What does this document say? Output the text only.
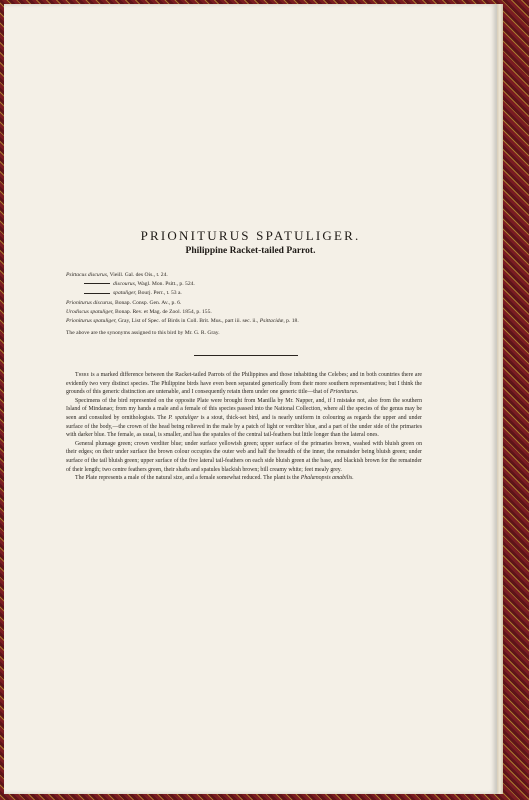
PRIONITURUS SPATULIGER.
Philippine Racket-tailed Parrot.
Psittacus discurus, Vieill. Gal. des Ois., t. 24.
discourus, Wagl. Mon. Psitt., p. 524.
spatuliger, Bourj. Perr., t. 53 a.
Prioniturus discurus, Bonap. Consp. Gen. Av., p. 6.
Urodiscus spatuliger, Bonap. Rev. et Mag. de Zool. 1854, p. 155.
Prioniturus spatuliger, Gray, List of Spec. of Birds in Coll. Brit. Mus., part iii. sec. ii., Psittacidæ, p. 18.
The above are the synonyms assigned to this bird by Mr. G. R. Gray.

There is a marked difference between the Racket-tailed Parrots of the Philippines and those inhabiting the Celebes; and in both countries there are evidently two very distinct species. The Philippine birds have even been separated generically from their more southern representatives; but I think the grounds of this generic distinction are untenable, and I consequently retain them under one generic title—that of Prioniturus.

Specimens of the bird represented on the opposite Plate were brought from Manilla by Mr. Napper, and, if I mistake not, also from the southern Island of Mindanao; from my hands a male and a female of this species passed into the National Collection, where all the species of the genus may be seen and consulted by ornithologists. The P. spatuliger is a stout, thick-set bird, and is nearly uniform in colouring as regards the upper and under surface of the body,—the crown of the head being relieved in the male by a patch of light or verditer blue, and a part of the under side of the primaries with darker blue. The female, as usual, is smaller, and has the spatules of the central tail-feathers but little longer than the lateral ones.

General plumage green; crown verditer blue; under surface yellowish green; upper surface of the primaries brown, washed with bluish green on their edges; on their under surface the brown colour occupies the outer web and half the breadth of the inner, the remainder being bluish green; under surface of the tail bluish green; upper surface of the five lateral tail-feathers on each side bluish green at the base, and blackish brown for the remainder of their length; two centre feathers green, their shafts and spatules blackish brown; bill creamy white; feet mealy grey.

The Plate represents a male of the natural size, and a female somewhat reduced. The plant is the Phalænopsis amabilis.
